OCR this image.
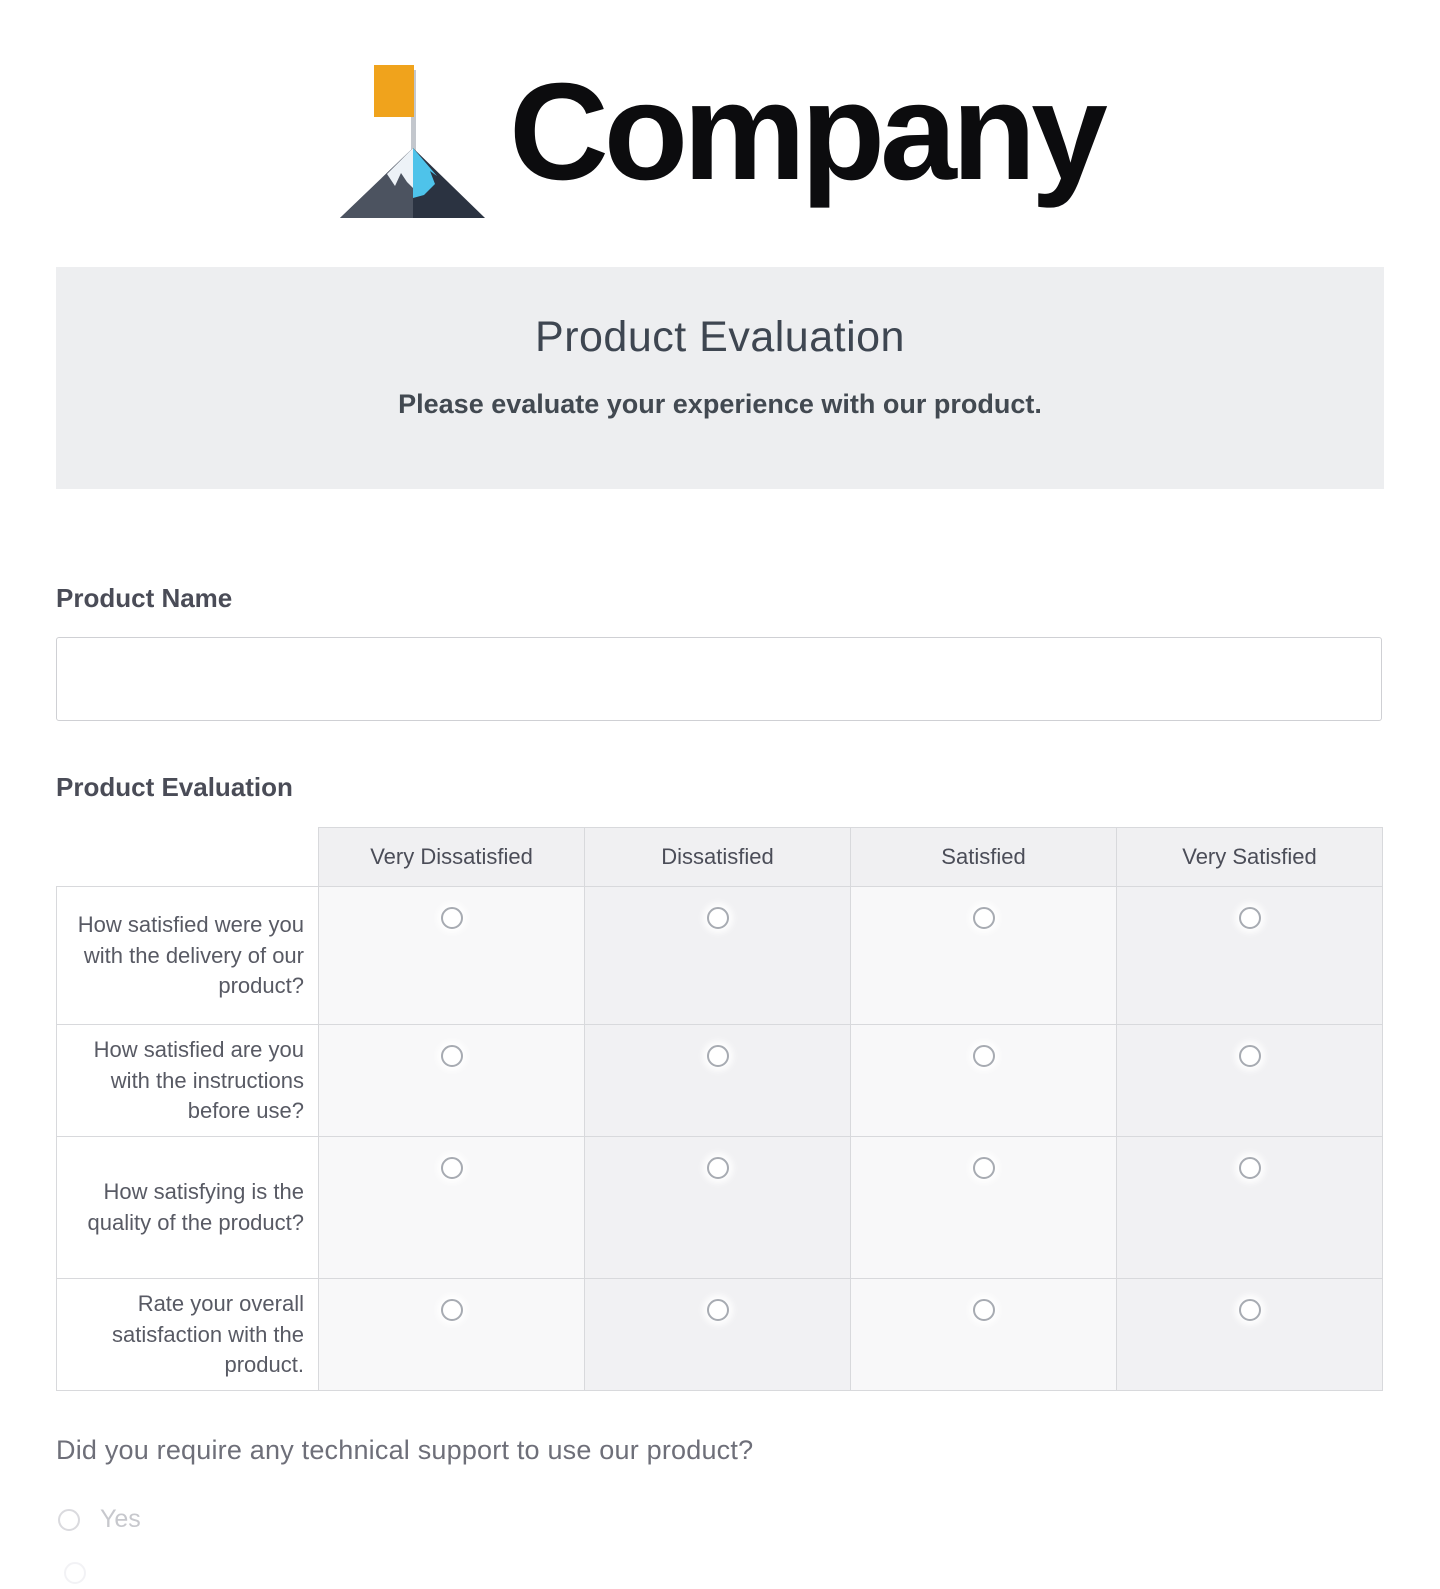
Company
Product Evaluation

Please evaluate your experience with our product.

Product Name
Product Evaluation
	Very Dissatisfied	Dissatisfied	Satisfied	Very Satisfied
How satisfied were you with the delivery of our product?				
How satisfied are you with the instructions before use?				
How satisfying is the quality of the product?				
Rate your overall satisfaction with the product.				
Did you require any technical support to use our product?
Yes
